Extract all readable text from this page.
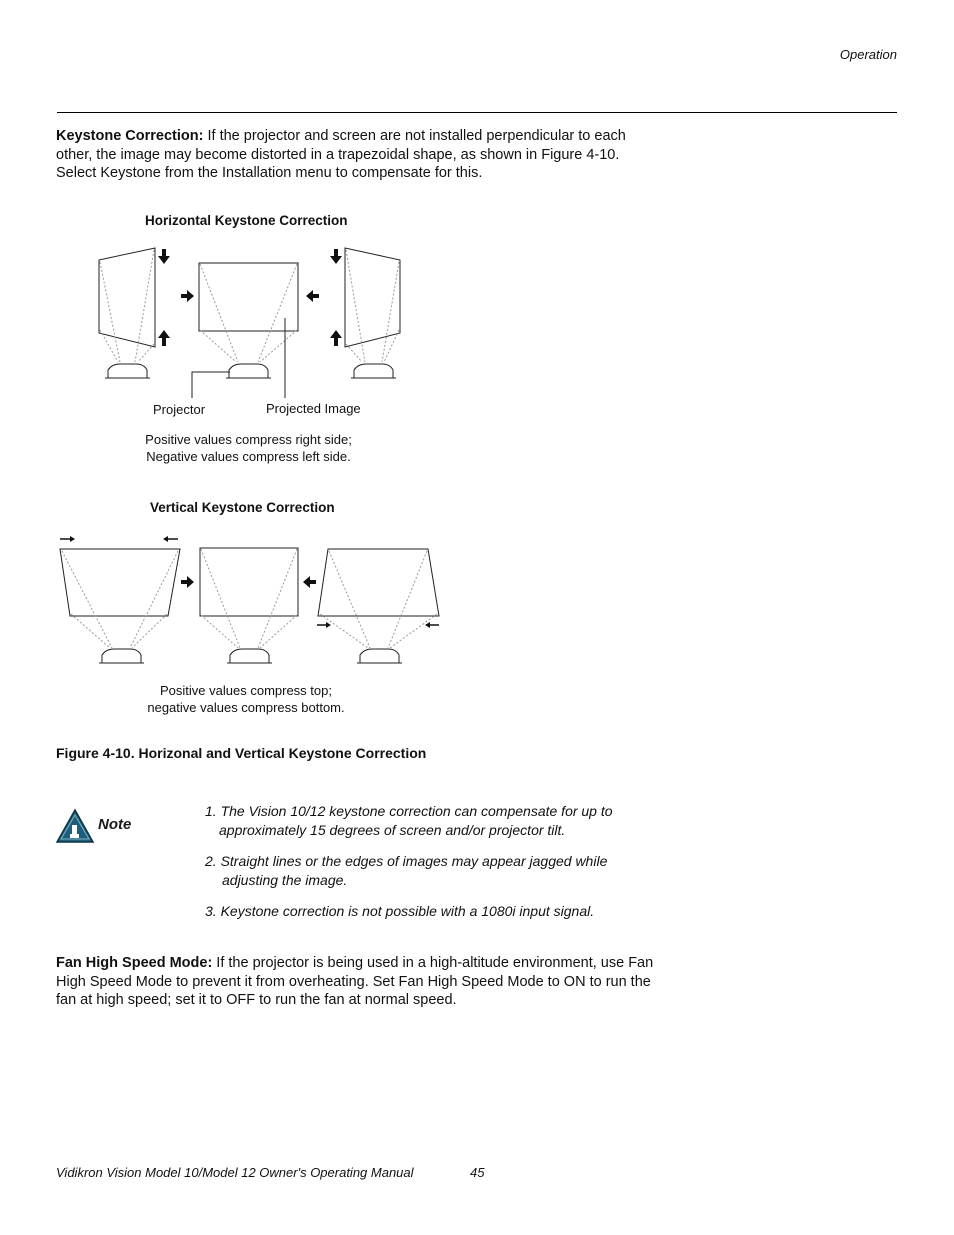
Operation
Keystone Correction: If the projector and screen are not installed perpendicular to each other, the image may become distorted in a trapezoidal shape, as shown in Figure 4-10. Select Keystone from the Installation menu to compensate for this.
Horizontal Keystone Correction
Vertical Keystone Correction
Projector	Projected Image
Positive values compress right side;
Negative values compress left side.
Positive values compress top;
negative values compress bottom.
Figure 4-10. Horizonal and Vertical Keystone Correction
Note
1. The Vision 10/12 keystone correction can compensate for up to
approximately 15 degrees of screen and/or projector tilt.
2. Straight lines or the edges of images may appear jagged while
adjusting the image.
3. Keystone correction is not possible with a 1080i input signal.
Fan High Speed Mode: If the projector is being used in a high-altitude environment, use Fan High Speed Mode to prevent it from overheating. Set Fan High Speed Mode to ON to run the fan at high speed; set it to OFF to run the fan at normal speed.
Vidikron Vision Model 10/Model 12 Owner's Operating Manual	45
